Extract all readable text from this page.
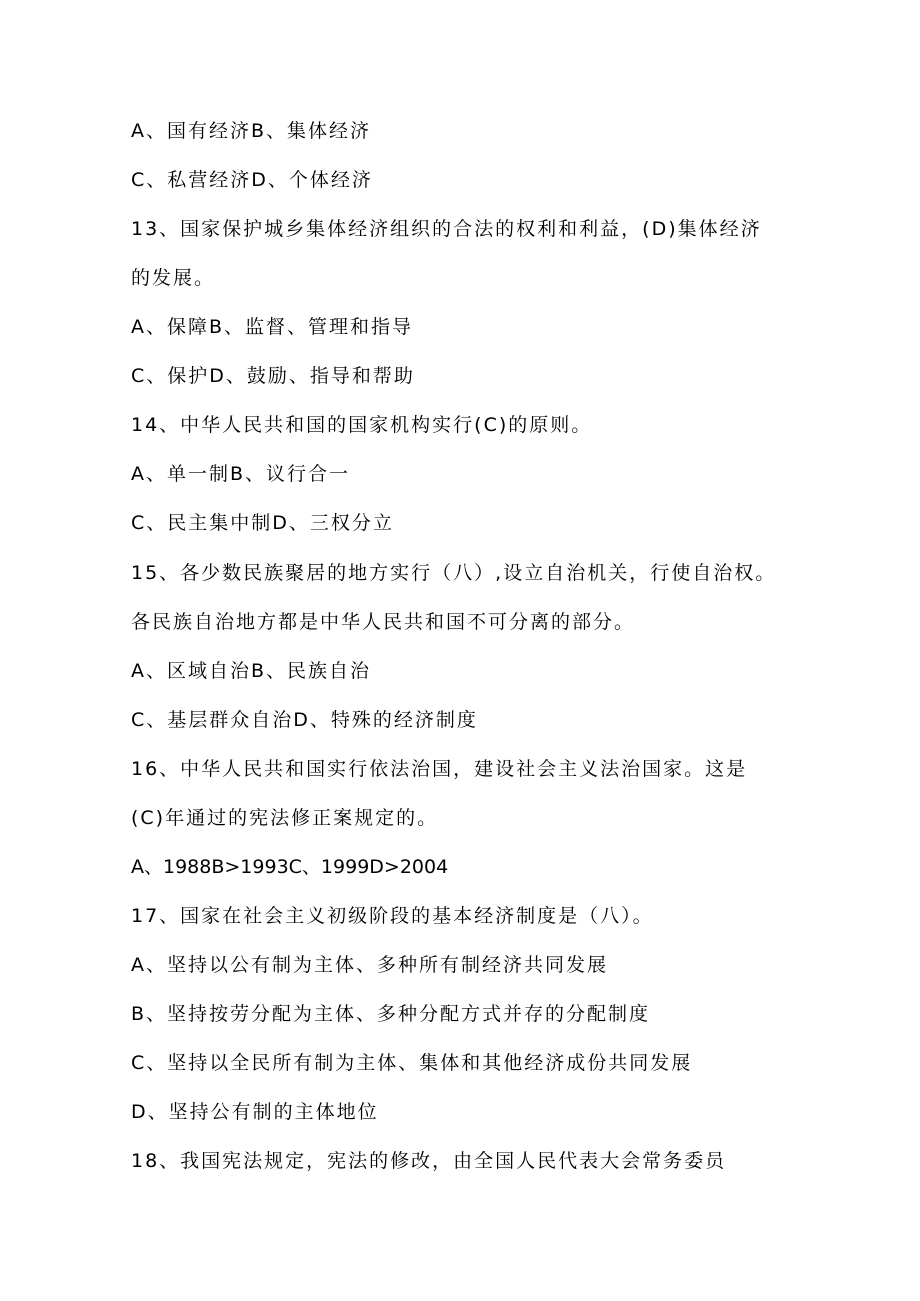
A、国有经济B、集体经济
C、私营经济D、个体经济
13、国家保护城乡集体经济组织的合法的权利和利益，(D)集体经济
的发展。
A、保障B、监督、管理和指导
C、保护D、鼓励、指导和帮助
14、中华人民共和国的国家机构实行(C)的原则。
A、单一制B、议行合一
C、民主集中制D、三权分立
15、各少数民族聚居的地方实行（八）,设立自治机关，行使自治权。
各民族自治地方都是中华人民共和国不可分离的部分。
A、区域自治B、民族自治
C、基层群众自治D、特殊的经济制度
16、中华人民共和国实行依法治国，建设社会主义法治国家。这是
(C)年通过的宪法修正案规定的。
A、1988B>1993C、1999D>2004
17、国家在社会主义初级阶段的基本经济制度是（八）。
A、坚持以公有制为主体、多种所有制经济共同发展
B、坚持按劳分配为主体、多种分配方式并存的分配制度
C、坚持以全民所有制为主体、集体和其他经济成份共同发展
D、坚持公有制的主体地位
18、我国宪法规定，宪法的修改，由全国人民代表大会常务委员
